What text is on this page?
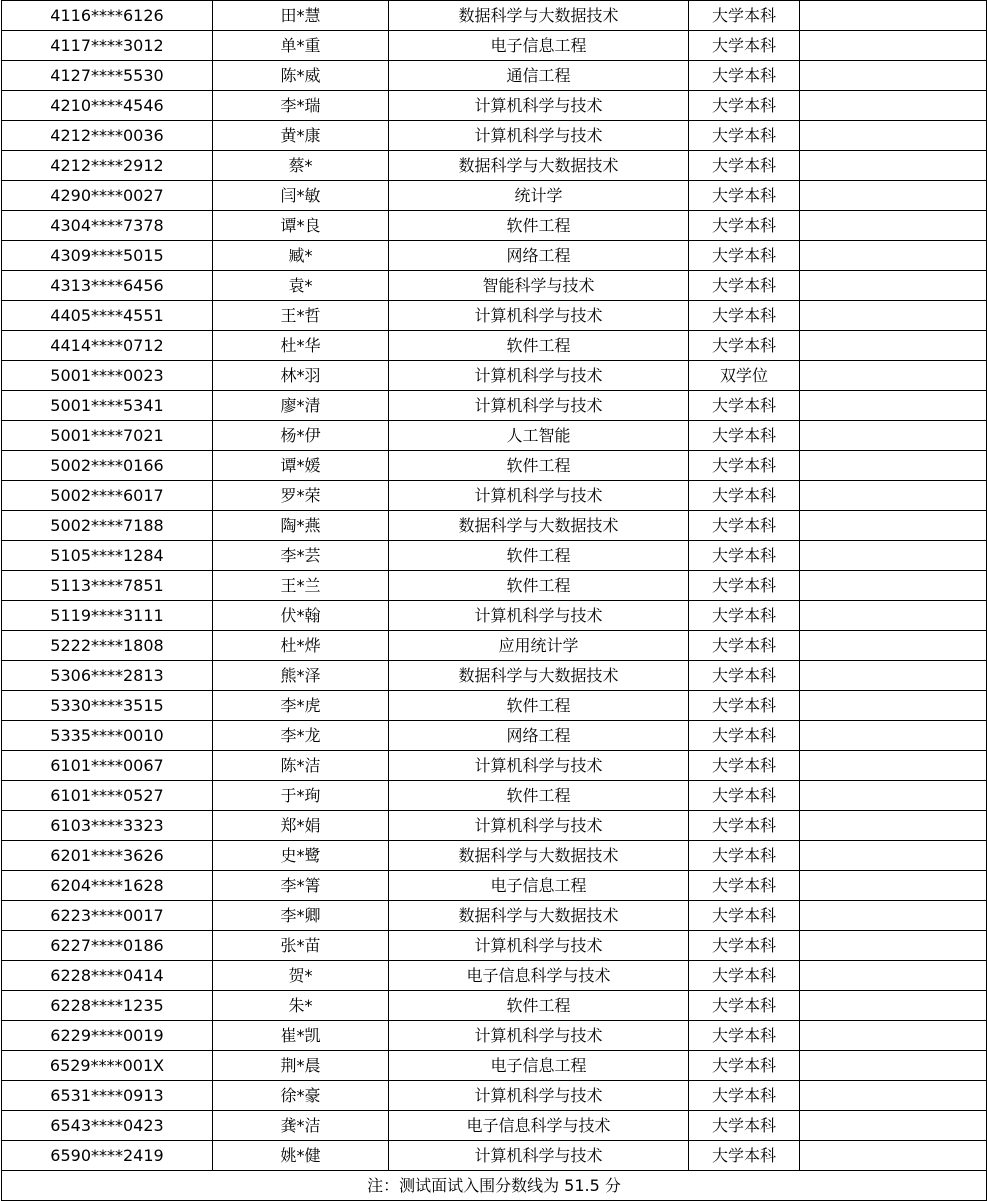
4116****6126	田*慧	数据科学与大数据技术	大学本科	
4117****3012	单*重	电子信息工程	大学本科	
4127****5530	陈*威	通信工程	大学本科	
4210****4546	李*瑞	计算机科学与技术	大学本科	
4212****0036	黄*康	计算机科学与技术	大学本科	
4212****2912	蔡*	数据科学与大数据技术	大学本科	
4290****0027	闫*敏	统计学	大学本科	
4304****7378	谭*良	软件工程	大学本科	
4309****5015	臧*	网络工程	大学本科	
4313****6456	袁*	智能科学与技术	大学本科	
4405****4551	王*哲	计算机科学与技术	大学本科	
4414****0712	杜*华	软件工程	大学本科	
5001****0023	林*羽	计算机科学与技术	双学位	
5001****5341	廖*清	计算机科学与技术	大学本科	
5001****7021	杨*伊	人工智能	大学本科	
5002****0166	谭*媛	软件工程	大学本科	
5002****6017	罗*荣	计算机科学与技术	大学本科	
5002****7188	陶*燕	数据科学与大数据技术	大学本科	
5105****1284	李*芸	软件工程	大学本科	
5113****7851	王*兰	软件工程	大学本科	
5119****3111	伏*翰	计算机科学与技术	大学本科	
5222****1808	杜*烨	应用统计学	大学本科	
5306****2813	熊*泽	数据科学与大数据技术	大学本科	
5330****3515	李*虎	软件工程	大学本科	
5335****0010	李*龙	网络工程	大学本科	
6101****0067	陈*洁	计算机科学与技术	大学本科	
6101****0527	于*珣	软件工程	大学本科	
6103****3323	郑*娟	计算机科学与技术	大学本科	
6201****3626	史*鹭	数据科学与大数据技术	大学本科	
6204****1628	李*箐	电子信息工程	大学本科	
6223****0017	李*卿	数据科学与大数据技术	大学本科	
6227****0186	张*苗	计算机科学与技术	大学本科	
6228****0414	贺*	电子信息科学与技术	大学本科	
6228****1235	朱*	软件工程	大学本科	
6229****0019	崔*凯	计算机科学与技术	大学本科	
6529****001X	荆*晨	电子信息工程	大学本科	
6531****0913	徐*豪	计算机科学与技术	大学本科	
6543****0423	龚*洁	电子信息科学与技术	大学本科	
6590****2419	姚*健	计算机科学与技术	大学本科	
注：测试面试入围分数线为 51.5 分				
